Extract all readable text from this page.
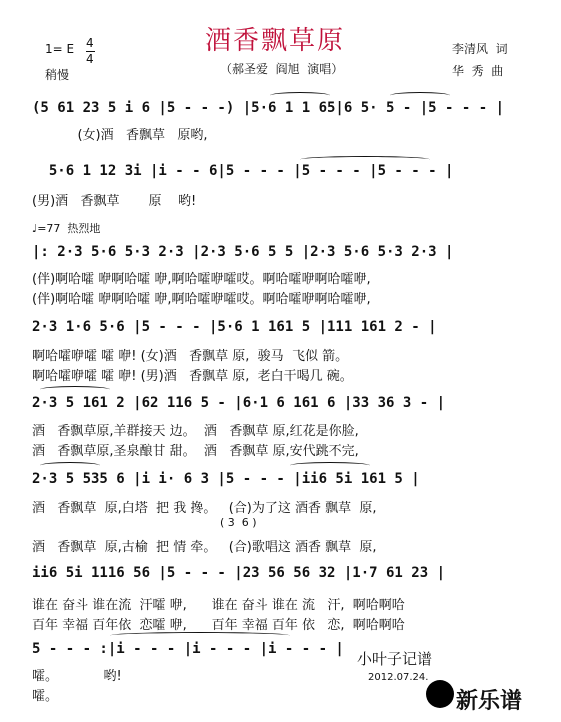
酒香飘草原
（郝圣爱  阎旭  演唱）
1= E 4
4
稍慢
李清风  词
华  秀  曲
(5 61 23 5 i 6 |5 - - -) |5·6 1 1 65|6 5· 5 - |5 - - - |
(女)酒   香飘草   原哟,
5·6 1 12 3i |i - - 6|5 - - - |5 - - - |5 - - - |
(男)酒   香飘草       原    哟!
♩=77  热烈地
|: 2·3 5·6 5·3 2·3 |2·3 5·6 5 5 |2·3 5·6 5·3 2·3 |
(伴)啊哈嚯 咿啊哈嚯 咿,啊哈嚯咿嚯哎。啊哈嚯咿啊哈嚯咿,
(伴)啊哈嚯 咿啊哈嚯 咿,啊哈嚯咿嚯哎。啊哈嚯咿啊哈嚯咿,
2·3 1·6 5·6 |5 - - - |5·6 1 161 5 |111 161 2 - |
啊哈嚯咿嚯 嚯 咿! (女)酒   香飘草 原,  骏马  飞似 箭。
啊哈嚯咿嚯 嚯 咿! (男)酒   香飘草 原,  老白干喝几 碗。
2·3 5 161 2 |62 116 5 - |6·1 6 161 6 |33 36 3 - |
酒   香飘草原,羊群接天 边。  酒   香飘草 原,红花是你脸,
酒   香飘草原,圣泉酿甘 甜。  酒   香飘草 原,安代跳不完,
2·3 5 535 6 |i i· 6 3 |5 - - - |ii6 5i 161 5 |
酒   香飘草  原,白塔  把 我 搀。   (合)为了这 酒香 飘草  原,
( 3  6 )
酒   香飘草  原,古榆  把 情 牵。   (合)歌唱这 酒香 飘草  原,
ii6 5i 1116 56 |5 - - - |23 56 56 32 |1·7 61 23 |
谁在 奋斗 谁在流  汗嚯 咿,      谁在 奋斗 谁在 流   汗,  啊哈啊哈
百年 幸福 百年依  恋嚯 咿,      百年 幸福 百年 依   恋,  啊哈啊哈
5 - - - :|i - - - |i - - - |i - - - |
嚯。           哟!
嚯。
小叶子记谱
2012.07.24.
新乐谱
